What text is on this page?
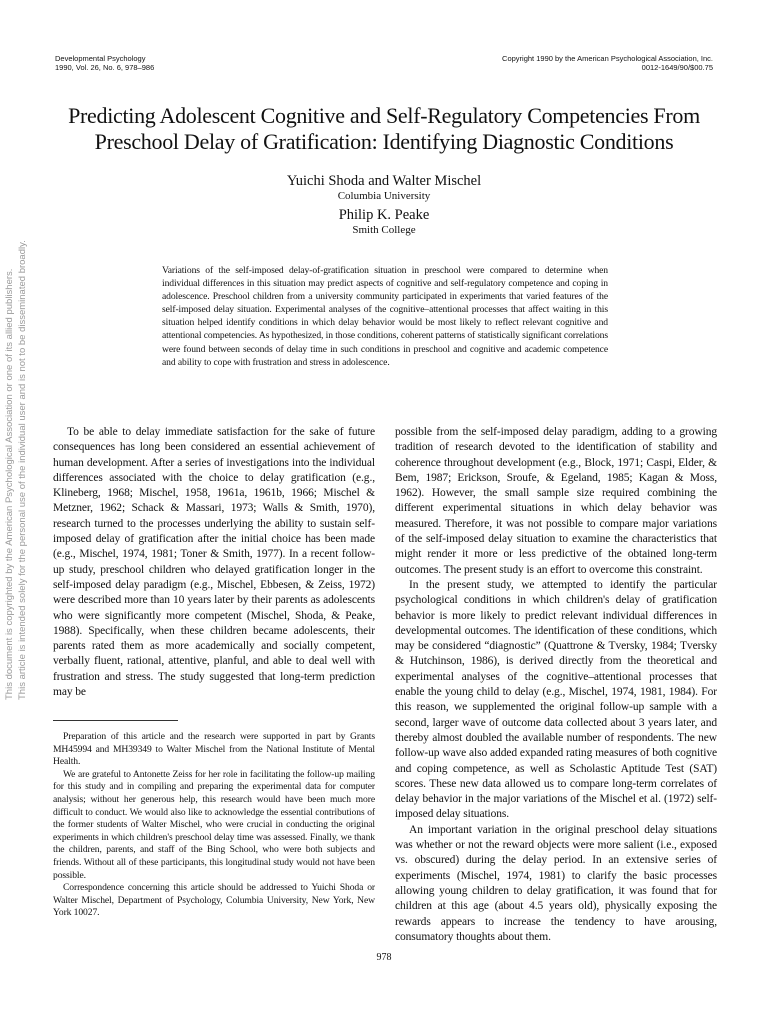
Developmental Psychology
1990, Vol. 26, No. 6, 978–986
Copyright 1990 by the American Psychological Association, Inc.
0012-1649/90/$00.75
Predicting Adolescent Cognitive and Self-Regulatory Competencies From
Preschool Delay of Gratification: Identifying Diagnostic Conditions
Yuichi Shoda and Walter Mischel
Columbia University
Philip K. Peake
Smith College
Variations of the self-imposed delay-of-gratification situation in preschool were compared to determine when individual differences in this situation may predict aspects of cognitive and self-regulatory competence and coping in adolescence. Preschool children from a university community participated in experiments that varied features of the self-imposed delay situation. Experimental analyses of the cognitive–attentional processes that affect waiting in this situation helped identify conditions in which delay behavior would be most likely to reflect relevant cognitive and attentional competencies. As hypothesized, in those conditions, coherent patterns of statistically significant correlations were found between seconds of delay time in such conditions in preschool and cognitive and academic competence and ability to cope with frustration and stress in adolescence.
This document is copyrighted by the American Psychological Association or one of its allied publishers. This article is intended solely for the personal use of the individual user and is not to be disseminated broadly.	To be able to delay immediate satisfaction for the sake of future consequences has long been considered an essential achievement of human development. After a series of investigations into the individual differences associated with the choice to delay gratification (e.g., Klineberg, 1968; Mischel, 1958, 1961a, 1961b, 1966; Mischel & Metzner, 1962; Schack & Massari, 1973; Walls & Smith, 1970), research turned to the processes underlying the ability to sustain self-imposed delay of gratification after the initial choice has been made (e.g., Mischel, 1974, 1981; Toner & Smith, 1977). In a recent follow-up study, preschool children who delayed gratification longer in the self-imposed delay paradigm (e.g., Mischel, Ebbesen, & Zeiss, 1972) were described more than 10 years later by their parents as adolescents who were significantly more competent (Mischel, Shoda, & Peake, 1988). Specifically, when these children became adolescents, their parents rated them as more academically and socially competent, verbally fluent, rational, attentive, planful, and able to deal well with frustration and stress. The study suggested that long-term prediction may be

Preparation of this article and the research were supported in part by Grants MH45994 and MH39349 to Walter Mischel from the National Institute of Mental Health.

We are grateful to Antonette Zeiss for her role in facilitating the follow-up mailing for this study and in compiling and preparing the experimental data for computer analysis; without her generous help, this research would have been much more difficult to conduct. We would also like to acknowledge the essential contributions of the former students of Walter Mischel, who were crucial in conducting the original experiments in which children's preschool delay time was assessed. Finally, we thank the children, parents, and staff of the Bing School, who were both subjects and friends. Without all of these participants, this longitudinal study would not have been possible.

Correspondence concerning this article should be addressed to Yuichi Shoda or Walter Mischel, Department of Psychology, Columbia University, New York, New York 10027.

possible from the self-imposed delay paradigm, adding to a growing tradition of research devoted to the identification of stability and coherence throughout development (e.g., Block, 1971; Caspi, Elder, & Bem, 1987; Erickson, Sroufe, & Egeland, 1985; Kagan & Moss, 1962). However, the small sample size required combining the different experimental situations in which delay behavior was measured. Therefore, it was not possible to compare major variations of the self-imposed delay situation to examine the characteristics that might render it more or less predictive of the obtained long-term outcomes. The present study is an effort to overcome this constraint.

In the present study, we attempted to identify the particular psychological conditions in which children's delay of gratification behavior is more likely to predict relevant individual differences in developmental outcomes. The identification of these conditions, which may be considered “diagnostic” (Quattrone & Tversky, 1984; Tversky & Hutchinson, 1986), is derived directly from the theoretical and experimental analyses of the cognitive–attentional processes that enable the young child to delay (e.g., Mischel, 1974, 1981, 1984). For this reason, we supplemented the original follow-up sample with a second, larger wave of outcome data collected about 3 years later, and thereby almost doubled the available number of respondents. The new follow-up wave also added expanded rating measures of both cognitive and coping competence, as well as Scholastic Aptitude Test (SAT) scores. These new data allowed us to compare long-term correlates of delay behavior in the major variations of the Mischel et al. (1972) self-imposed delay situations.

An important variation in the original preschool delay situations was whether or not the reward objects were more salient (i.e., exposed vs. obscured) during the delay period. In an extensive series of experiments (Mischel, 1974, 1981) to clarify the basic processes allowing young children to delay gratification, it was found that for children at this age (about 4.5 years old), physically exposing the rewards appears to increase the tendency to have arousing, consumatory thoughts about them.

978
